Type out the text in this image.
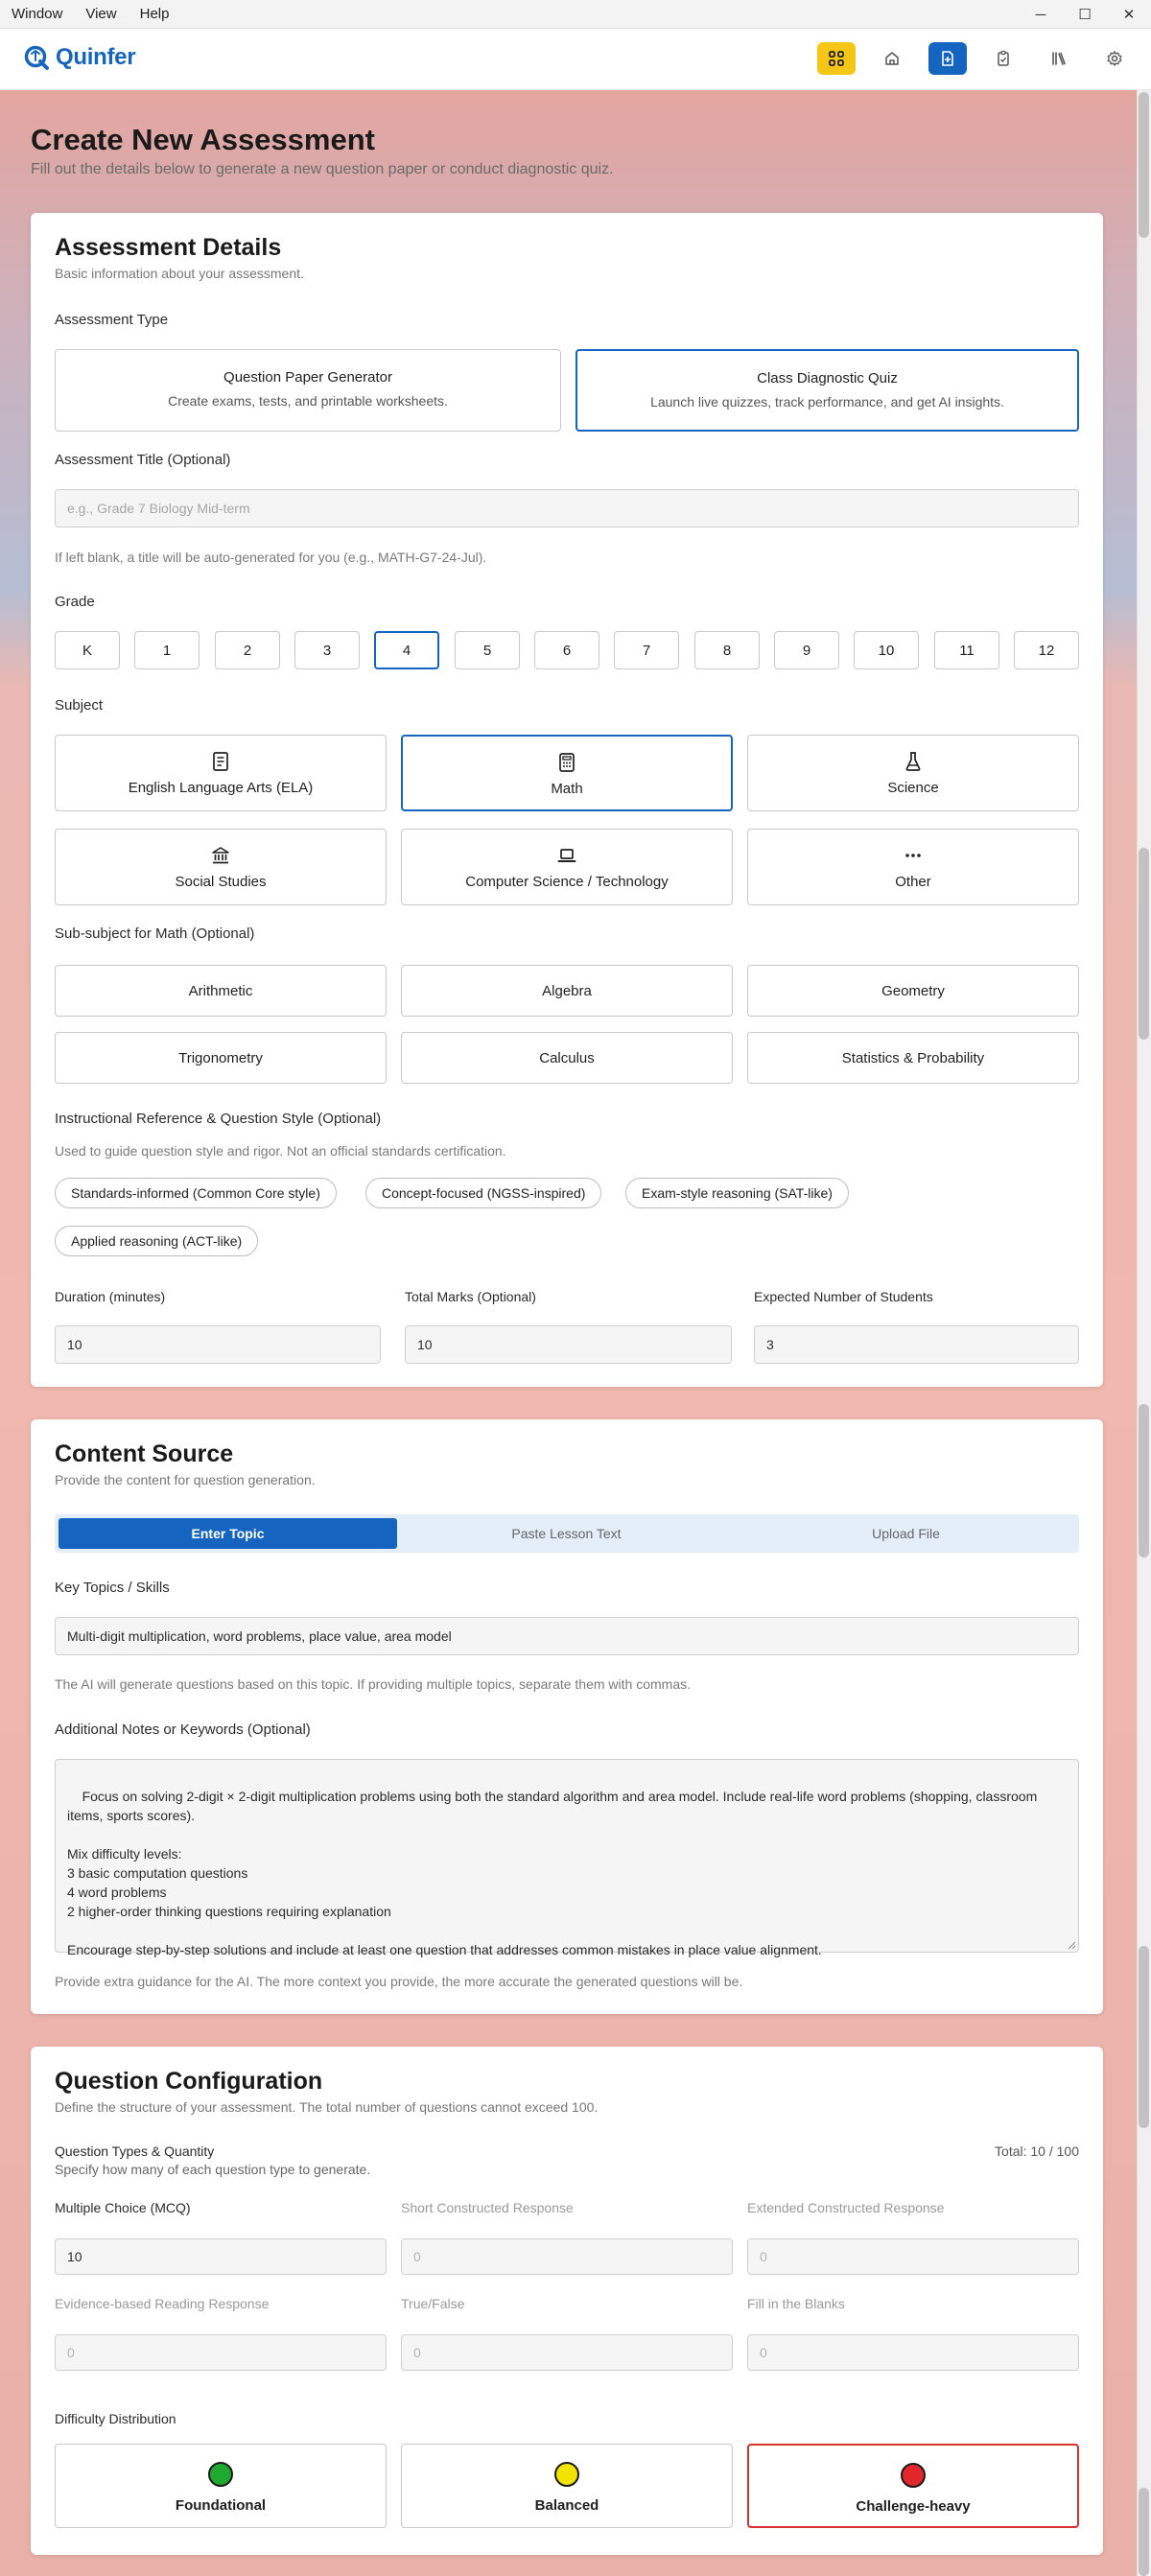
Window	View	Help	─	☐	✕
Quinfer
Create New Assessment
Fill out the details below to generate a new question paper or conduct diagnostic quiz.
Assessment Details
Basic information about your assessment.
Assessment Type
Question Paper Generator
Create exams, tests, and printable worksheets.
Class Diagnostic Quiz
Launch live quizzes, track performance, and get AI insights.
Assessment Title (Optional)
e.g., Grade 7 Biology Mid-term
If left blank, a title will be auto-generated for you (e.g., MATH-G7-24-Jul).
Grade
K	1	2	3	4	5	6	7	8	9	10	11	12
Subject
English Language Arts (ELA)	Math	Science
Social Studies	Computer Science / Technology	Other
Sub-subject for Math (Optional)
Arithmetic	Algebra	Geometry
Trigonometry	Calculus	Statistics & Probability
Instructional Reference & Question Style (Optional)
Used to guide question style and rigor. Not an official standards certification.
Standards-informed (Common Core style)	Concept-focused (NGSS-inspired)	Exam-style reasoning (SAT-like)
Applied reasoning (ACT-like)
Duration (minutes)
10
Total Marks (Optional)
10
Expected Number of Students
3
Content Source
Provide the content for question generation.
Enter Topic	Paste Lesson Text	Upload File
Key Topics / Skills
Multi-digit multiplication, word problems, place value, area model
The AI will generate questions based on this topic. If providing multiple topics, separate them with commas.
Additional Notes or Keywords (Optional)

Focus on solving 2-digit × 2-digit multiplication problems using both the standard algorithm and area model. Include real-life word problems (shopping, classroom items, sports scores).

Mix difficulty levels:
3 basic computation questions
4 word problems
2 higher-order thinking questions requiring explanation

Encourage step-by-step solutions and include at least one question that addresses common mistakes in place value alignment.

Provide extra guidance for the AI. The more context you provide, the more accurate the generated questions will be.
Question Configuration
Define the structure of your assessment. The total number of questions cannot exceed 100.
Question Types & Quantity
Specify how many of each question type to generate.
Total: 10 / 100
Multiple Choice (MCQ)
10
Short Constructed Response
0
Extended Constructed Response
0
Evidence-based Reading Response
0
True/False
0
Fill in the Blanks
0
Difficulty Distribution
Foundational	Balanced	Challenge-heavy
